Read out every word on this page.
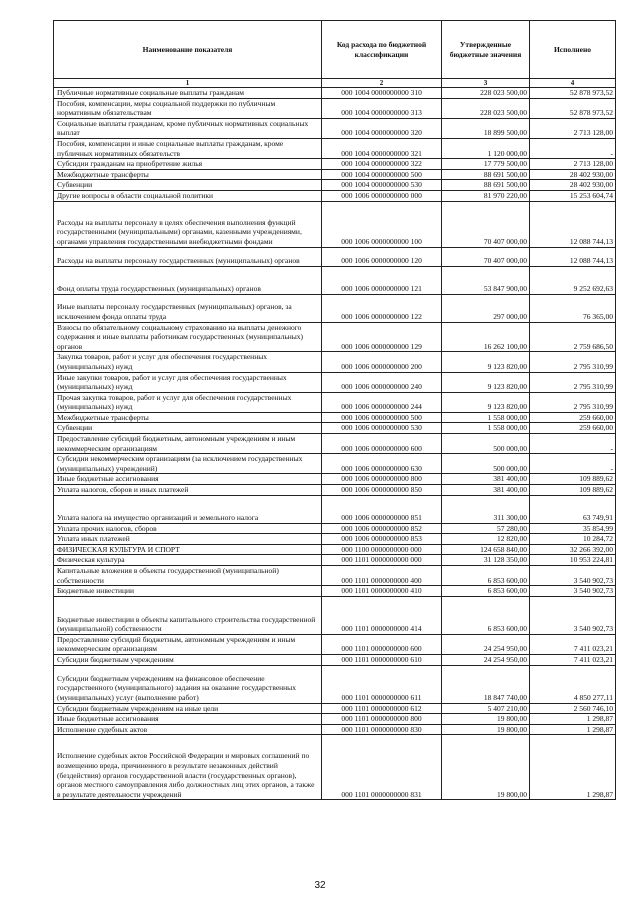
Наименование показателя	Код расхода по бюджетной классификации	Утвержденные бюджетные значения	Исполнено
1	2	3	4
Публичные нормативные социальные выплаты гражданам	000 1004 0000000000 310	228 023 500,00	52 878 973,52
Пособия, компенсации, меры социальной поддержки по публичным нормативным обязательствам	000 1004 0000000000 313	228 023 500,00	52 878 973,52
Социальные выплаты гражданам, кроме публичных нормативных социальных выплат	000 1004 0000000000 320	18 899 500,00	2 713 128,00
Пособия, компенсации и иные социальные выплаты гражданам, кроме публичных нормативных обязательств	000 1004 0000000000 321	1 120 000,00	-
Субсидии гражданам на приобретение жилья	000 1004 0000000000 322	17 779 500,00	2 713 128,00
Межбюджетные трансферты	000 1004 0000000000 500	88 691 500,00	28 402 930,00
Субвенции	000 1004 0000000000 530	88 691 500,00	28 402 930,00
Другие вопросы в области социальной политики	000 1006 0000000000 000	81 970 220,00	15 253 604,74
Расходы на выплаты персоналу в целях обеспечения выполнения функций государственными (муниципальными) органами, казенными учреждениями, органами управления государственными внебюджетными фондами	000 1006 0000000000 100	70 407 000,00	12 088 744,13
Расходы на выплаты персоналу государственных (муниципальных) органов	000 1006 0000000000 120	70 407 000,00	12 088 744,13
Фонд оплаты труда государственных (муниципальных) органов	000 1006 0000000000 121	53 847 900,00	9 252 692,63
Иные выплаты персоналу государственных (муниципальных) органов, за исключением фонда оплаты труда	000 1006 0000000000 122	297 000,00	76 365,00
Взносы по обязательному социальному страхованию на выплаты денежного содержания и иные выплаты работникам государственных (муниципальных) органов	000 1006 0000000000 129	16 262 100,00	2 759 686,50
Закупка товаров, работ и услуг для обеспечения государственных (муниципальных) нужд	000 1006 0000000000 200	9 123 820,00	2 795 310,99
Иные закупки товаров, работ и услуг для обеспечения государственных (муниципальных) нужд	000 1006 0000000000 240	9 123 820,00	2 795 310,99
Прочая закупка товаров, работ и услуг для обеспечения государственных (муниципальных) нужд	000 1006 0000000000 244	9 123 820,00	2 795 310,99
Межбюджетные трансферты	000 1006 0000000000 500	1 558 000,00	259 660,00
Субвенции	000 1006 0000000000 530	1 558 000,00	259 660,00
Предоставление субсидий бюджетным, автономным учреждениям и иным некоммерческим организациям	000 1006 0000000000 600	500 000,00	-
Субсидии некоммерческим организациям (за исключением государственных (муниципальных) учреждений)	000 1006 0000000000 630	500 000,00	-
Иные бюджетные ассигнования	000 1006 0000000000 800	381 400,00	109 889,62
Уплата налогов, сборов и иных платежей	000 1006 0000000000 850	381 400,00	109 889,62
Уплата налога на имущество организаций и земельного налога	000 1006 0000000000 851	311 300,00	63 749,91
Уплата прочих налогов, сборов	000 1006 0000000000 852	57 280,00	35 854,99
Уплата иных платежей	000 1006 0000000000 853	12 820,00	10 284,72
ФИЗИЧЕСКАЯ КУЛЬТУРА И СПОРТ	000 1100 0000000000 000	124 658 840,00	32 266 392,00
Физическая культура	000 1101 0000000000 000	31 128 350,00	10 953 224,81
Капитальные вложения в объекты государственной (муниципальной) собственности	000 1101 0000000000 400	6 853 600,00	3 540 902,73
Бюджетные инвестиции	000 1101 0000000000 410	6 853 600,00	3 540 902,73
Бюджетные инвестиции в объекты капитального строительства государственной (муниципальной) собственности	000 1101 0000000000 414	6 853 600,00	3 540 902,73
Предоставление субсидий бюджетным, автономным учреждениям и иным некоммерческим организациям	000 1101 0000000000 600	24 254 950,00	7 411 023,21
Субсидии бюджетным учреждениям	000 1101 0000000000 610	24 254 950,00	7 411 023,21
Субсидии бюджетным учреждениям на финансовое обеспечение государственного (муниципального) задания на оказание государственных (муниципальных) услуг (выполнение работ)	000 1101 0000000000 611	18 847 740,00	4 850 277,11
Субсидии бюджетным учреждениям на иные цели	000 1101 0000000000 612	5 407 210,00	2 560 746,10
Иные бюджетные ассигнования	000 1101 0000000000 800	19 800,00	1 298,87
Исполнение судебных актов	000 1101 0000000000 830	19 800,00	1 298,87
Исполнение судебных актов Российской Федерации и мировых соглашений по возмещению вреда, причиненного в результате незаконных действий (бездействия) органов государственной власти (государственных органов), органов местного самоуправления либо должностных лиц этих органов, а также в результате деятельности учреждений	000 1101 0000000000 831	19 800,00	1 298,87
32
